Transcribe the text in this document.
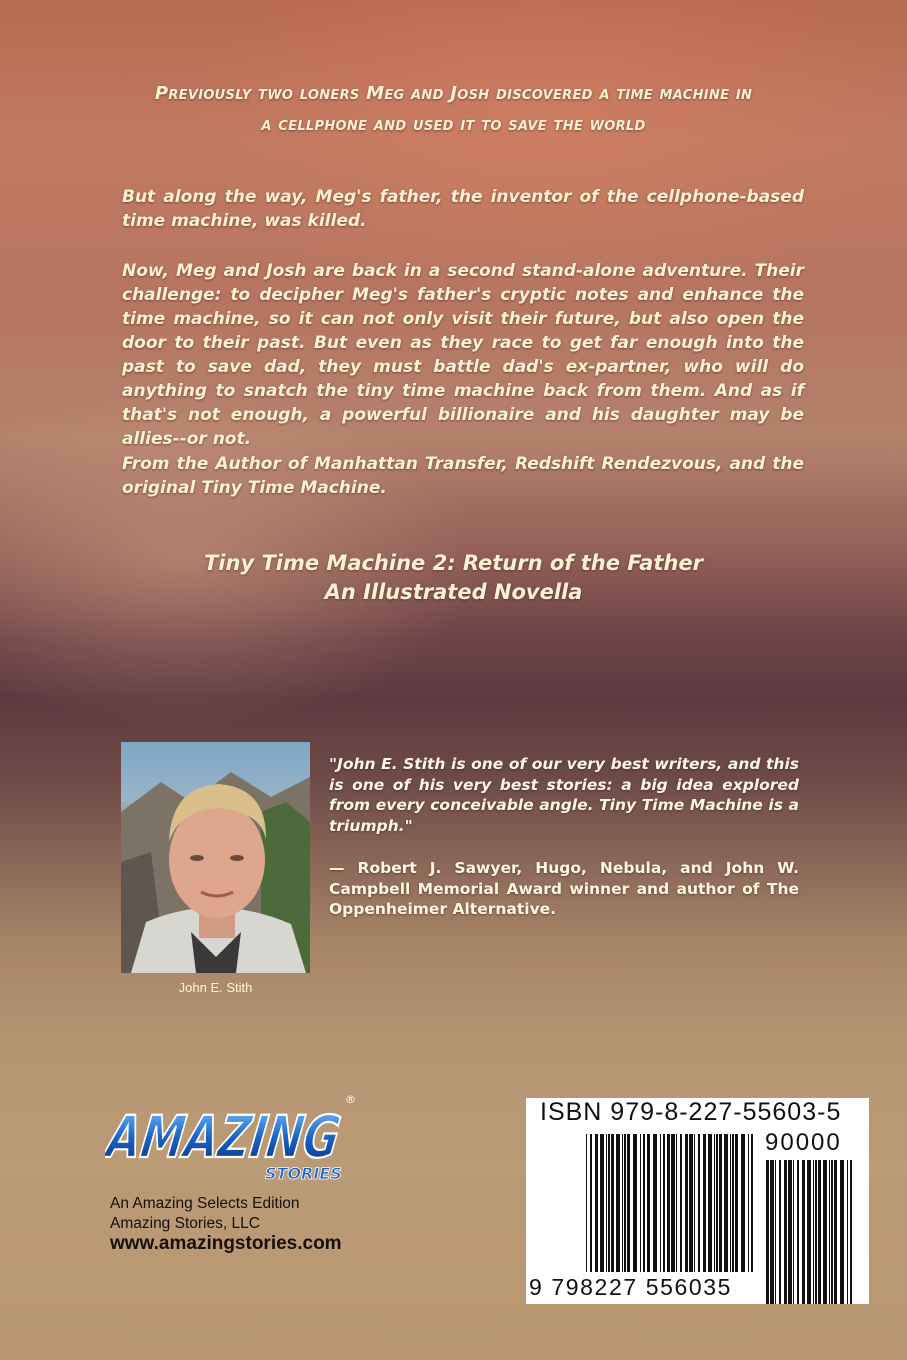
Previously two loners Meg and Josh discovered a time machine in
a cellphone and used it to save the world
But along the way, Meg's father, the inventor of the cellphone-based time machine, was killed.
Now, Meg and Josh are back in a second stand-alone adventure. Their challenge: to decipher Meg's father's cryptic notes and enhance the time machine, so it can not only visit their future, but also open the door to their past. But even as they race to get far enough into the past to save dad, they must battle dad's ex-partner, who will do anything to snatch the tiny time machine back from them. And as if that's not enough, a powerful billionaire and his daughter may be allies--or not.
From the Author of Manhattan Transfer, Redshift Rendezvous, and the original Tiny Time Machine.
Tiny Time Machine 2: Return of the Father
An Illustrated Novella
John E. Stith
"John E. Stith is one of our very best writers, and this is one of his very best stories: a big idea explored from every conceivable angle. Tiny Time Machine is a triumph."
— Robert J. Sawyer, Hugo, Nebula, and John W. Campbell Memorial Award winner and author of The Oppenheimer Alternative.
AMAZING
STORIES
®
An Amazing Selects Edition
Amazing Stories, LLC
www.amazingstories.com
ISBN 979-8-227-55603-5
90000
9 798227 556035
